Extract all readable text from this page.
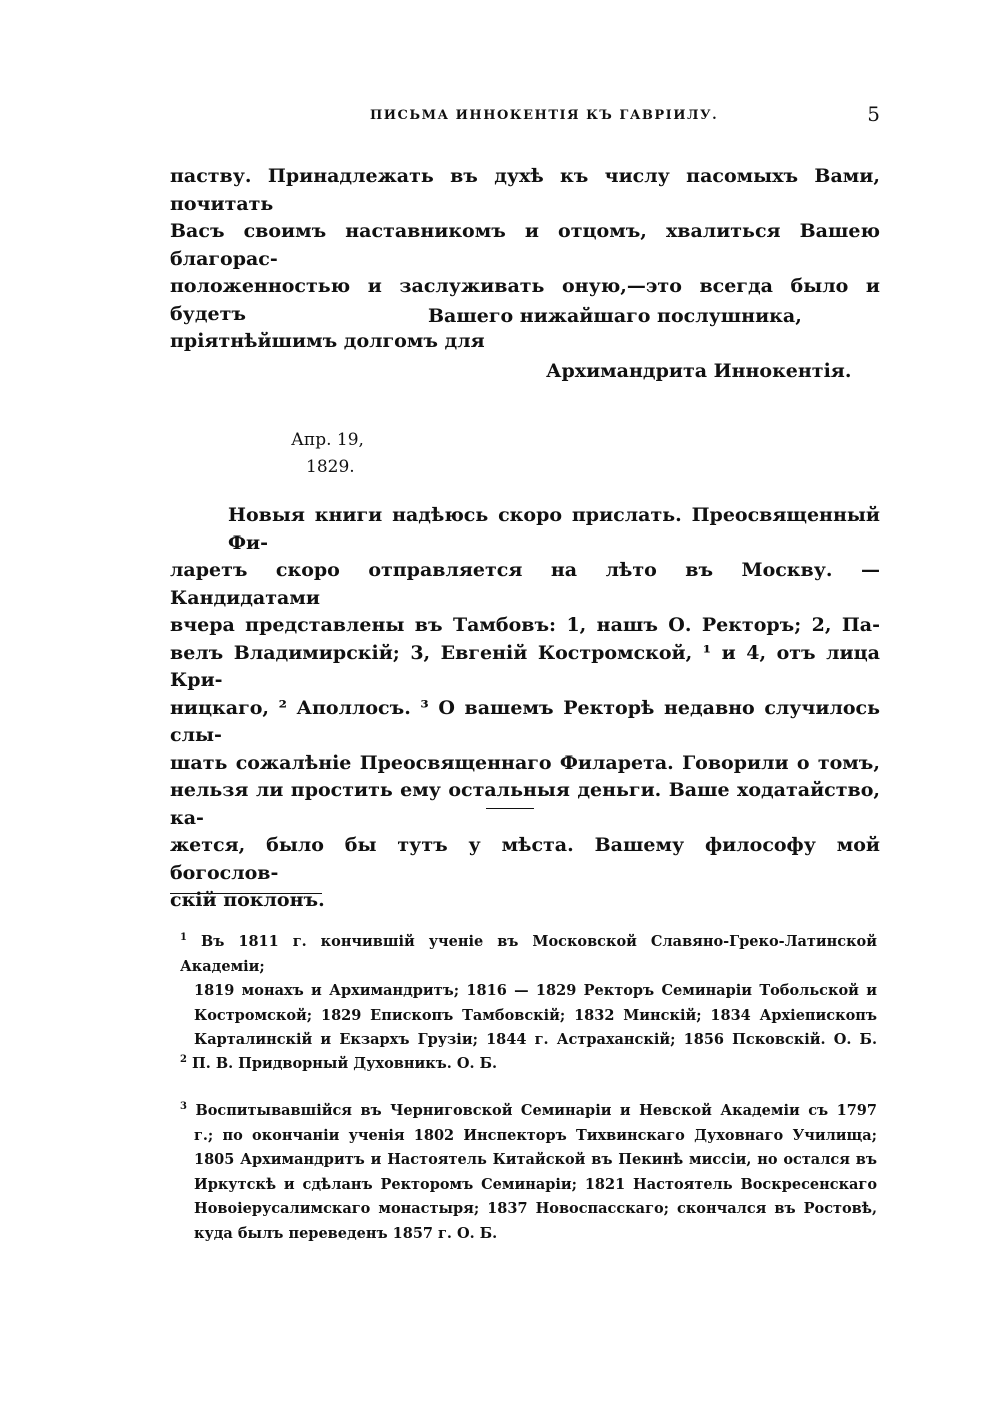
ПИСЬМА ИННОКЕНТІЯ КЪ ГАВРІИЛУ.	5
паству. Принадлежать въ духѣ къ числу пасомыхъ Вами, почитать
Васъ своимъ наставникомъ и отцомъ, хвалиться Вашею благорас-
положенностью и заслуживать оную,—это всегда было и будетъ
пріятнѣйшимъ долгомъ для
Вашего нижайшаго послушника,
Архимандрита Иннокентія.
Апр. 19,
1829.
Новыя книги надѣюсь скоро прислать. Преосвященный Фи-
ларетъ скоро отправляется на лѣто въ Москву. — Кандидатами
вчера представлены въ Тамбовъ: 1, нашъ О. Ректоръ; 2, Па-
велъ Владимирскій; 3, Евгеній Костромской, ¹ и 4, отъ лица Кри-
ницкаго, ² Аполлосъ. ³ О вашемъ Ректорѣ недавно случилось слы-
шать сожалѣніе Преосвященнаго Филарета. Говорили о томъ,
нельзя ли простить ему остальныя деньги. Ваше ходатайство, ка-
жется, было бы тутъ у мѣста. Вашему философу мой богослов-
скій поклонъ.
$^1$ Въ 1811 г. кончившій ученіе въ Московской Славяно-Греко-Латинской Академіи;
1819 монахъ и Архимандритъ; 1816 — 1829 Ректоръ Семинаріи Тобольской и
Костромской; 1829 Епископъ Тамбовскій; 1832 Минскій; 1834 Архіепископъ
Карталинскій и Екзархъ Грузіи; 1844 г. Астраханскій; 1856 Псковскій. О. Б.
$^2$ П. В. Придворный Духовникъ. О. Б.
$^3$ Воспитывавшійся въ Черниговской Семинаріи и Невской Академіи съ 1797
г.; по окончаніи ученія 1802 Инспекторъ Тихвинскаго Духовнаго Училища;
1805 Архимандритъ и Настоятель Китайской въ Пекинѣ миссіи, но остался въ
Иркутскѣ и сдѣланъ Ректоромъ Семинаріи; 1821 Настоятель Воскресенскаго
Новоіерусалимскаго монастыря; 1837 Новоспасскаго; скончался въ Ростовѣ,
куда былъ переведенъ 1857 г. О. Б.
